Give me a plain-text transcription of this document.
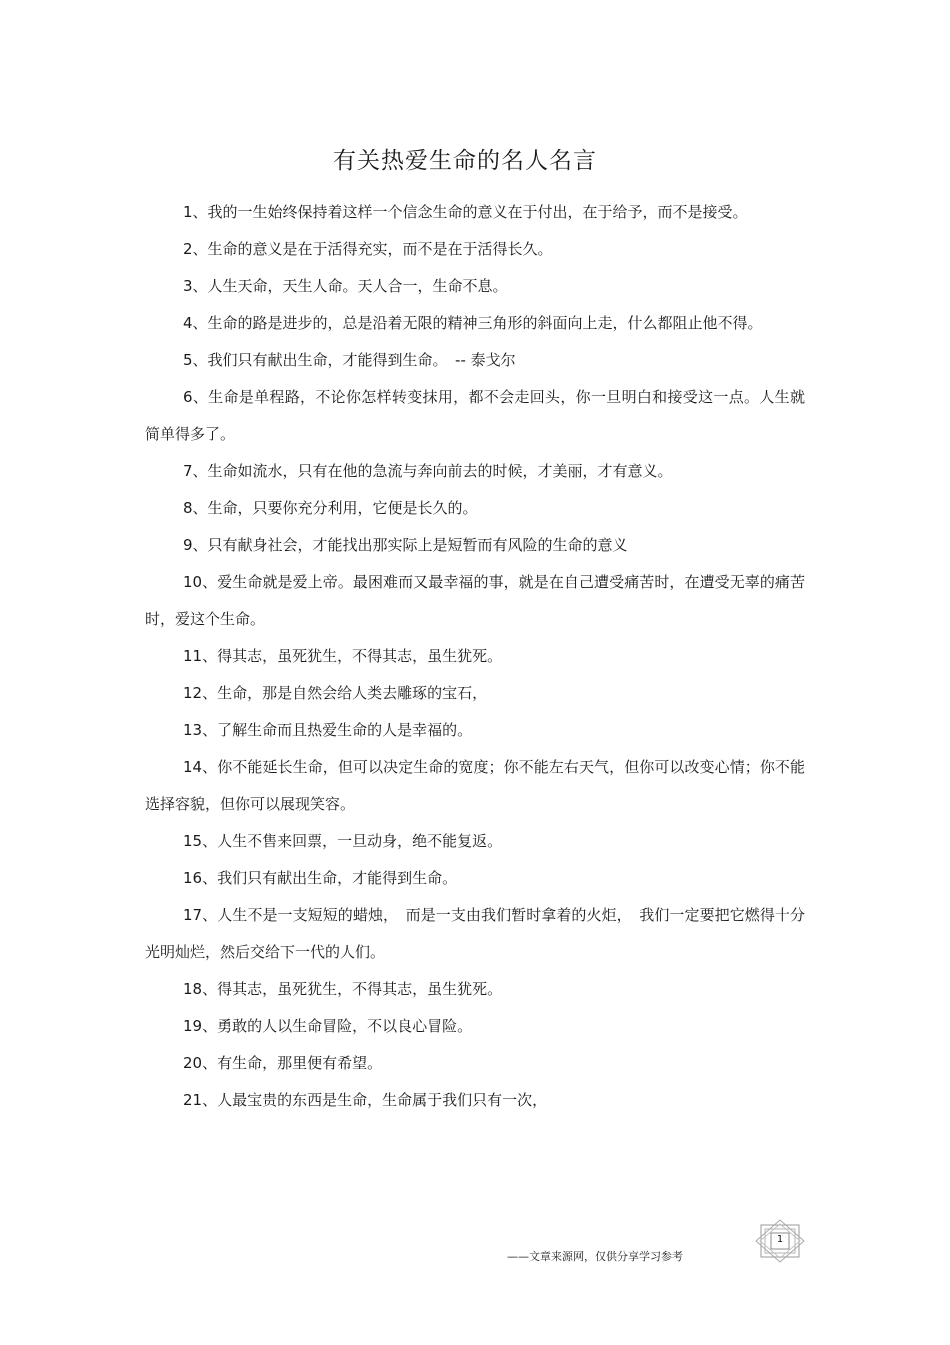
有关热爱生命的名人名言
1、我的一生始终保持着这样一个信念生命的意义在于付出，在于给予，而不是接受。
2、生命的意义是在于活得充实，而不是在于活得长久。
3、人生天命，天生人命。天人合一，生命不息。
4、生命的路是进步的，总是沿着无限的精神三角形的斜面向上走，什么都阻止他不得。
5、我们只有献出生命，才能得到生命。　-- 泰戈尔
6、生命是单程路，不论你怎样转变抹用，都不会走回头，你一旦明白和接受这一点。人生就简单得多了。
7、生命如流水，只有在他的急流与奔向前去的时候，才美丽，才有意义。
8、生命，只要你充分利用，它便是长久的。
9、只有献身社会，才能找出那实际上是短暂而有风险的生命的意义
10、爱生命就是爱上帝。最困难而又最幸福的事，就是在自己遭受痛苦时，在遭受无辜的痛苦时，爱这个生命。
11、得其志，虽死犹生，不得其志，虽生犹死。
12、生命，那是自然会给人类去雕琢的宝石，
13、了解生命而且热爱生命的人是幸福的。
14、你不能延长生命，但可以决定生命的宽度；你不能左右天气，但你可以改变心情；你不能选择容貌，但你可以展现笑容。
15、人生不售来回票，一旦动身，绝不能复返。
16、我们只有献出生命，才能得到生命。
17、人生不是一支短短的蜡烛，　而是一支由我们暂时拿着的火炬，　我们一定要把它燃得十分光明灿烂，然后交给下一代的人们。
18、得其志，虽死犹生，不得其志，虽生犹死。
19、勇敢的人以生命冒险，不以良心冒险。
20、有生命，那里便有希望。
21、人最宝贵的东西是生命，生命属于我们只有一次，
——文章来源网，仅供分享学习参考
1
